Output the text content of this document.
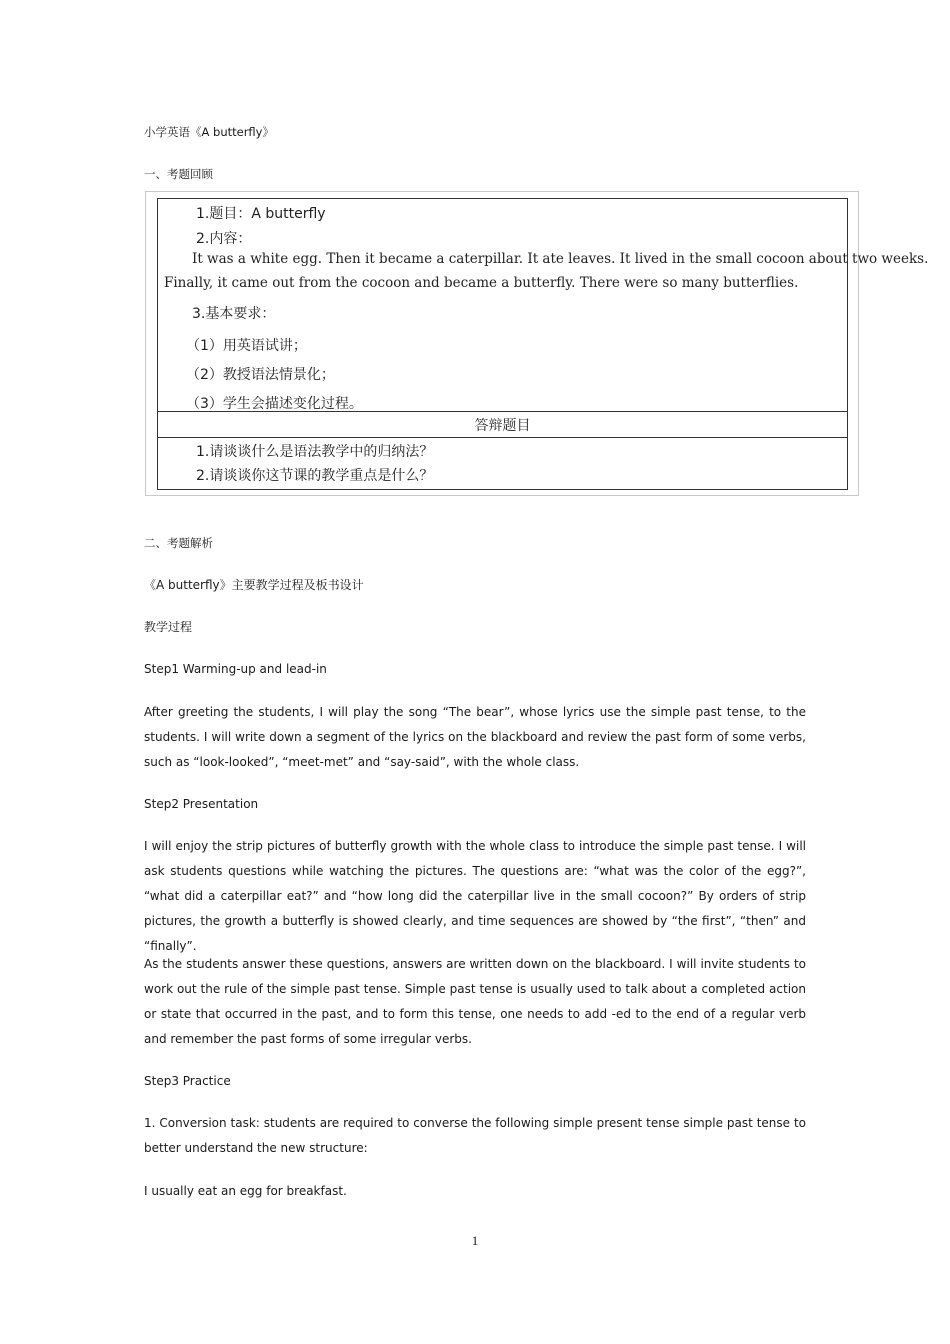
小学英语《A butterfly》
一、考题回顾
1.题目：A butterfly
2.内容：
It was a white egg. Then it became a caterpillar. It ate leaves. It lived in the small cocoon about two weeks.
Finally, it came out from the cocoon and became a butterfly. There were so many butterflies.
3.基本要求：
（1）用英语试讲；
（2）教授语法情景化；
（3）学生会描述变化过程。
答辩题目
1.请谈谈什么是语法教学中的归纳法？
2.请谈谈你这节课的教学重点是什么？
二、考题解析
《A butterfly》主要教学过程及板书设计
教学过程
Step1 Warming-up and lead-in
After greeting the students, I will play the song “The bear”, whose lyrics use the simple past tense, to the students. I will write down a segment of the lyrics on the blackboard and review the past form of some verbs, such as “look-looked”, “meet-met” and “say-said”, with the whole class.
Step2 Presentation
I will enjoy the strip pictures of butterfly growth with the whole class to introduce the simple past tense. I will ask students questions while watching the pictures. The questions are: “what was the color of the egg?”, “what did a caterpillar eat?” and “how long did the caterpillar live in the small cocoon?” By orders of strip pictures, the growth a butterfly is showed clearly, and time sequences are showed by “the first”, “then” and “finally”.
As the students answer these questions, answers are written down on the blackboard. I will invite students to work out the rule of the simple past tense. Simple past tense is usually used to talk about a completed action or state that occurred in the past, and to form this tense, one needs to add -ed to the end of a regular verb and remember the past forms of some irregular verbs.
Step3 Practice
1. Conversion task: students are required to converse the following simple present tense simple past tense to better understand the new structure:
I usually eat an egg for breakfast.
1
